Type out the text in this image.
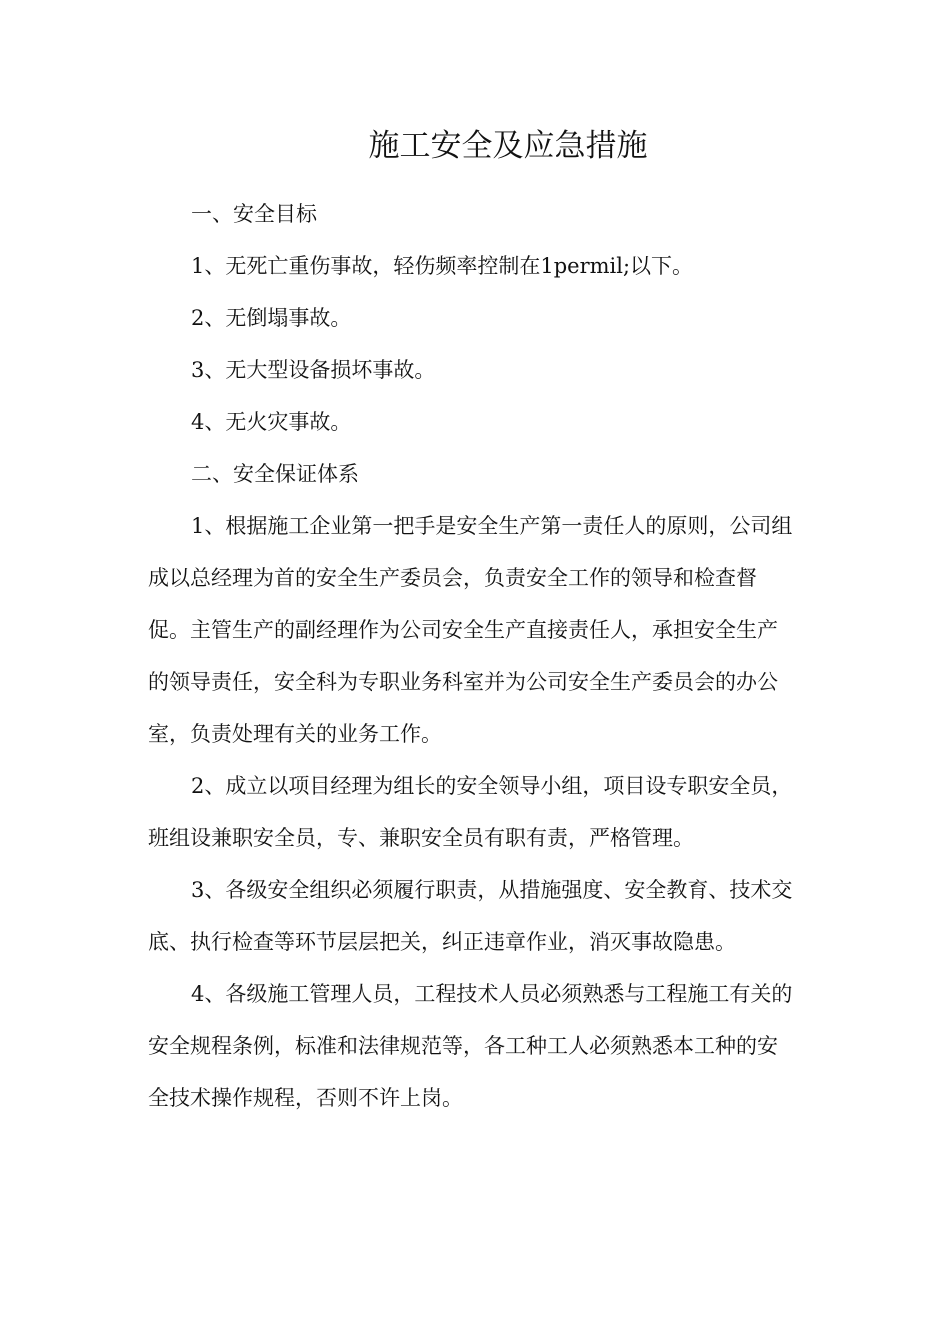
施工安全及应急措施

一、安全目标

1、无死亡重伤事故，轻伤频率控制在1permil;以下。

2、无倒塌事故。

3、无大型设备损坏事故。

4、无火灾事故。

二、安全保证体系

1、根据施工企业第一把手是安全生产第一责任人的原则，公司组成以总经理为首的安全生产委员会，负责安全工作的领导和检查督促。主管生产的副经理作为公司安全生产直接责任人，承担安全生产的领导责任，安全科为专职业务科室并为公司安全生产委员会的办公室，负责处理有关的业务工作。

2、成立以项目经理为组长的安全领导小组，项目设专职安全员，班组设兼职安全员，专、兼职安全员有职有责，严格管理。

3、各级安全组织必须履行职责，从措施强度、安全教育、技术交底、执行检查等环节层层把关，纠正违章作业，消灭事故隐患。

4、各级施工管理人员，工程技术人员必须熟悉与工程施工有关的安全规程条例，标准和法律规范等，各工种工人必须熟悉本工种的安全技术操作规程，否则不许上岗。
